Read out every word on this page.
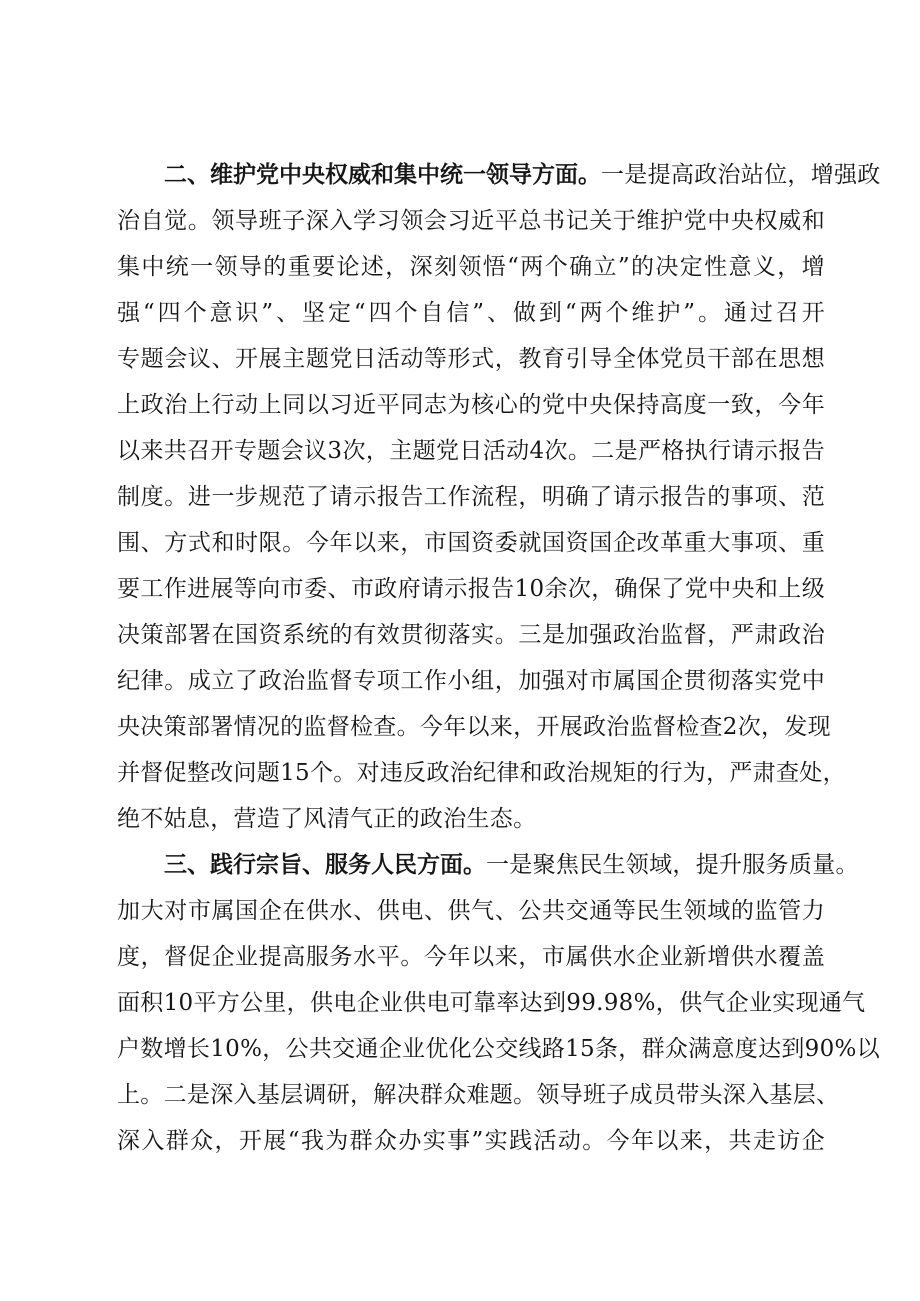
二、维护党中央权威和集中统一领导方面。一是提高政治站位，增强政
治自觉。领导班子深入学习领会习近平总书记关于维护党中央权威和
集中统一领导的重要论述，深刻领悟“两个确立”的决定性意义，增
强“四个意识”、坚定“四个自信”、做到“两个维护”。通过召开
专题会议、开展主题党日活动等形式，教育引导全体党员干部在思想
上政治上行动上同以习近平同志为核心的党中央保持高度一致，今年
以来共召开专题会议3次，主题党日活动4次。二是严格执行请示报告
制度。进一步规范了请示报告工作流程，明确了请示报告的事项、范
围、方式和时限。今年以来，市国资委就国资国企改革重大事项、重
要工作进展等向市委、市政府请示报告10余次，确保了党中央和上级
决策部署在国资系统的有效贯彻落实。三是加强政治监督，严肃政治
纪律。成立了政治监督专项工作小组，加强对市属国企贯彻落实党中
央决策部署情况的监督检查。今年以来，开展政治监督检查2次，发现
并督促整改问题15个。对违反政治纪律和政治规矩的行为，严肃查处，
绝不姑息，营造了风清气正的政治生态。
三、践行宗旨、服务人民方面。一是聚焦民生领域，提升服务质量。
加大对市属国企在供水、供电、供气、公共交通等民生领域的监管力
度，督促企业提高服务水平。今年以来，市属供水企业新增供水覆盖
面积10平方公里，供电企业供电可靠率达到99.98%，供气企业实现通气
户数增长10%，公共交通企业优化公交线路15条，群众满意度达到90%以
上。二是深入基层调研，解决群众难题。领导班子成员带头深入基层、
深入群众，开展“我为群众办实事”实践活动。今年以来，共走访企
